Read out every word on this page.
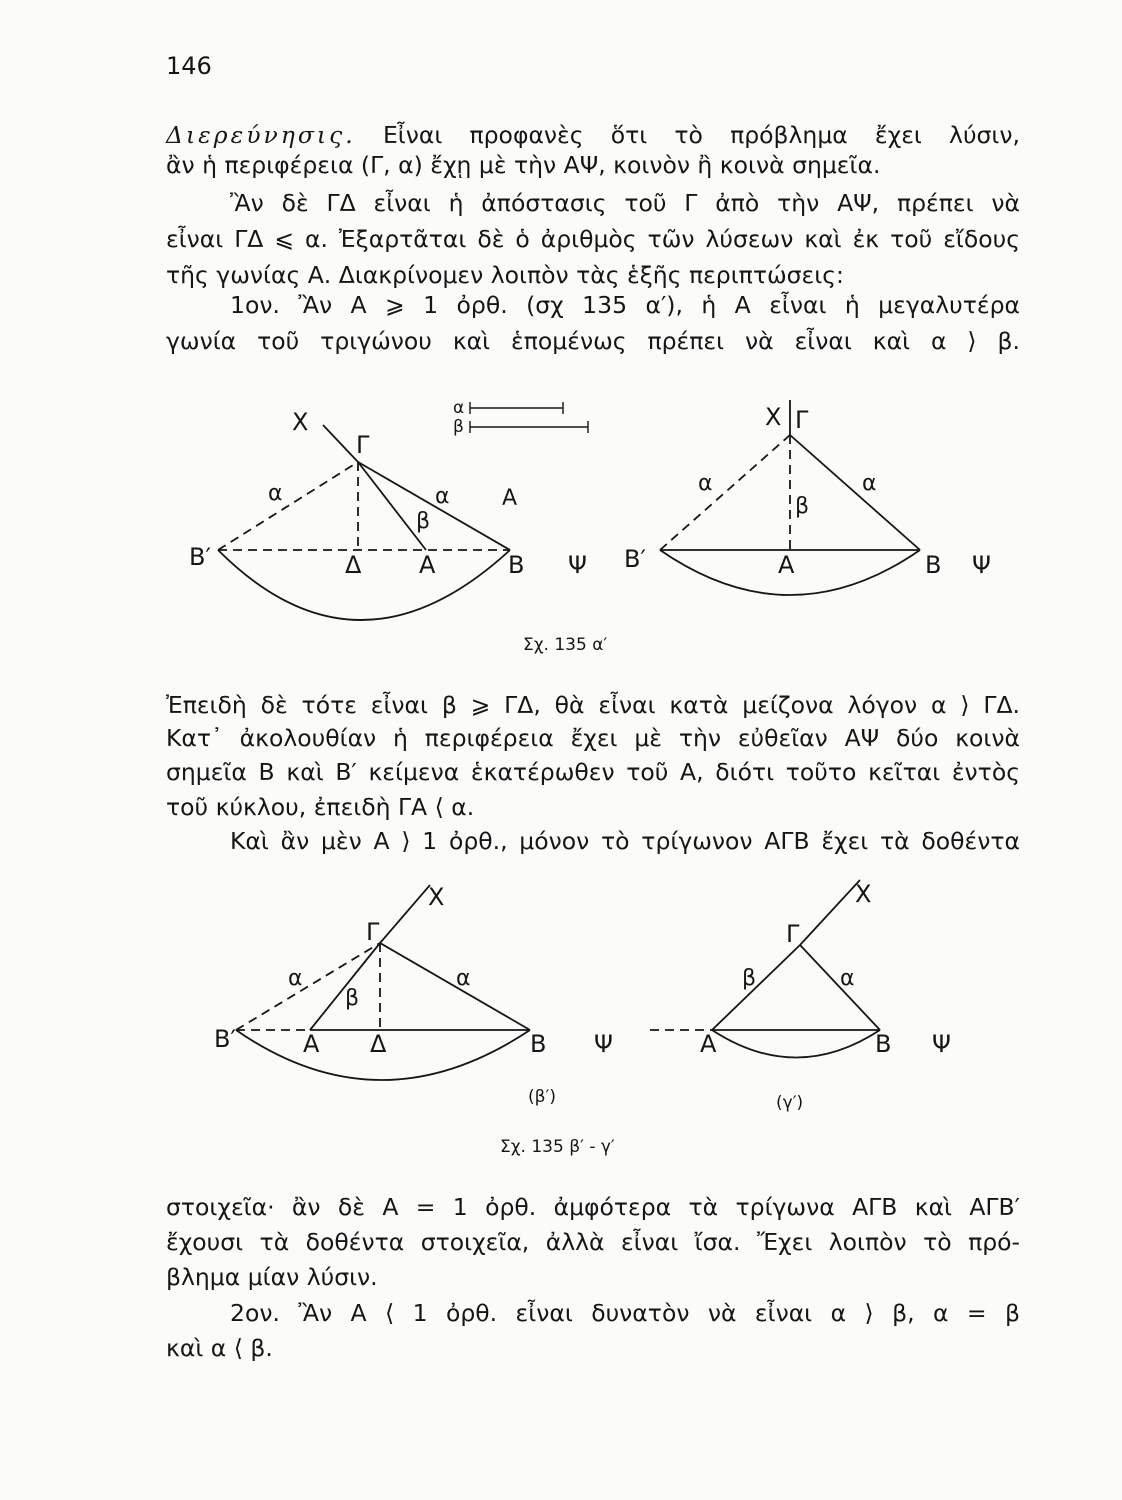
146
Διερεύνησις. Εἶναι προφανὲς ὅτι τὸ πρόβλημα ἔχει λύσιν,
ἂν ἡ περιφέρεια (Γ, α) ἔχῃ μὲ τὴν ΑΨ, κοινὸν ἢ κοινὰ σημεῖα.
Ἂν δὲ ΓΔ εἶναι ἡ ἀπόστασις τοῦ Γ ἀπὸ τὴν ΑΨ, πρέπει νὰ
εἶναι ΓΔ ⩽ α. Ἐξαρτᾶται δὲ ὁ ἀριθμὸς τῶν λύσεων καὶ ἐκ τοῦ εἴδους
τῆς γωνίας Α. Διακρίνομεν λοιπὸν τὰς ἑξῆς περιπτώσεις:
1ον. Ἂν Α ⩾ 1 ὀρθ. (σχ 135 α′), ἡ Α εἶναι ἡ μεγαλυτέρα
γωνία τοῦ τριγώνου καὶ ἑπομένως πρέπει νὰ εἶναι καὶ α ⟩ β.
α
β
Χ
Γ
α	α
β
Α
Β′	Δ Α	Β Ψ
Χ Γ
α	α
β
Β′	Α	Β Ψ
Σχ. 135 α′
Ἐπειδὴ δὲ τότε εἶναι β ⩾ ΓΔ, θὰ εἶναι κατὰ μείζονα λόγον α ⟩ ΓΔ.
Κατ᾽ ἀκολουθίαν ἡ περιφέρεια ἔχει μὲ τὴν εὐθεῖαν ΑΨ δύο κοινὰ
σημεῖα Β καὶ Β′ κείμενα ἑκατέρωθεν τοῦ Α, διότι τοῦτο κεῖται ἐντὸς
τοῦ κύκλου, ἐπειδὴ ΓΑ ⟨ α.
Καὶ ἂν μὲν Α ⟩ 1 ὀρθ., μόνον τὸ τρίγωνον ΑΓΒ ἔχει τὰ δοθέντα
Χ
Γ
α	α
β
Β′	Α Δ	Β Ψ
(β′)
Χ
Γ
β	α
Α	Β Ψ
(γ′)
Σχ. 135 β′ - γ′
στοιχεῖα· ἂν δὲ Α = 1 ὀρθ. ἀμφότερα τὰ τρίγωνα ΑΓΒ καὶ ΑΓΒ′
ἔχουσι τὰ δοθέντα στοιχεῖα, ἀλλὰ εἶναι ἴσα. Ἔχει λοιπὸν τὸ πρό-
βλημα μίαν λύσιν.
2ον. Ἂν Α ⟨ 1 ὀρθ. εἶναι δυνατὸν νὰ εἶναι α ⟩ β, α = β
καὶ α ⟨ β.
